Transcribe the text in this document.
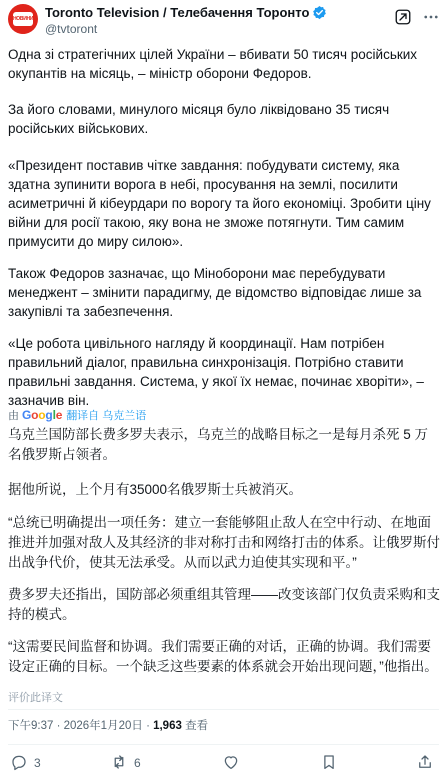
НОВИНИ ТТ
Toronto Television / Телебачення Торонто
@tvtoront

Одна зі стратегічних цілей України – вбивати 50 тисяч російських окупантів на місяць, – міністр оборони Федоров.

За його словами, минулого місяця було ліквідовано 35 тисяч російських військових.

«Президент поставив чітке завдання: побудувати систему, яка здатна зупинити ворога в небі, просування на землі, посилити асиметричні й кібеурдари по ворогу та його економіці. Зробити ціну війни для росії такою, яку вона не зможе потягнути. Тим самим примусити до миру силою».

Також Федоров зазначає, що Міноборони має перебудувати менеджент – змінити парадигму, де відомство відповідає лише за закупівлі та забезпечення.

«Це робота цивільного нагляду й координації. Нам потрібен правильний діалог, правильна синхронізація. Потрібно ставити правильні завдання. Система, у якої їх немає, починає хворіти», – зазначив він.

由 Google 翻译自 乌克兰语

乌克兰国防部长费多罗夫表示，乌克兰的战略目标之一是每月杀死 5 万名俄罗斯占领者。

据他所说，上个月有35000名俄罗斯士兵被消灭。

“总统已明确提出一项任务：建立一套能够阻止敌人在空中行动、在地面推进并加强对敌人及其经济的非对称打击和网络打击的体系。让俄罗斯付出战争代价，使其无法承受。从而以武力迫使其实现和平。”

费多罗夫还指出，国防部必须重组其管理——改变该部门仅负责采购和支持的模式。

“这需要民间监督和协调。我们需要正确的对话，正确的协调。我们需要设定正确的目标。一个缺乏这些要素的体系就会开始出现问题，”他指出。

评价此译文
下午9:37 · 2026年1月20日 · 1,963 查看
3	6
